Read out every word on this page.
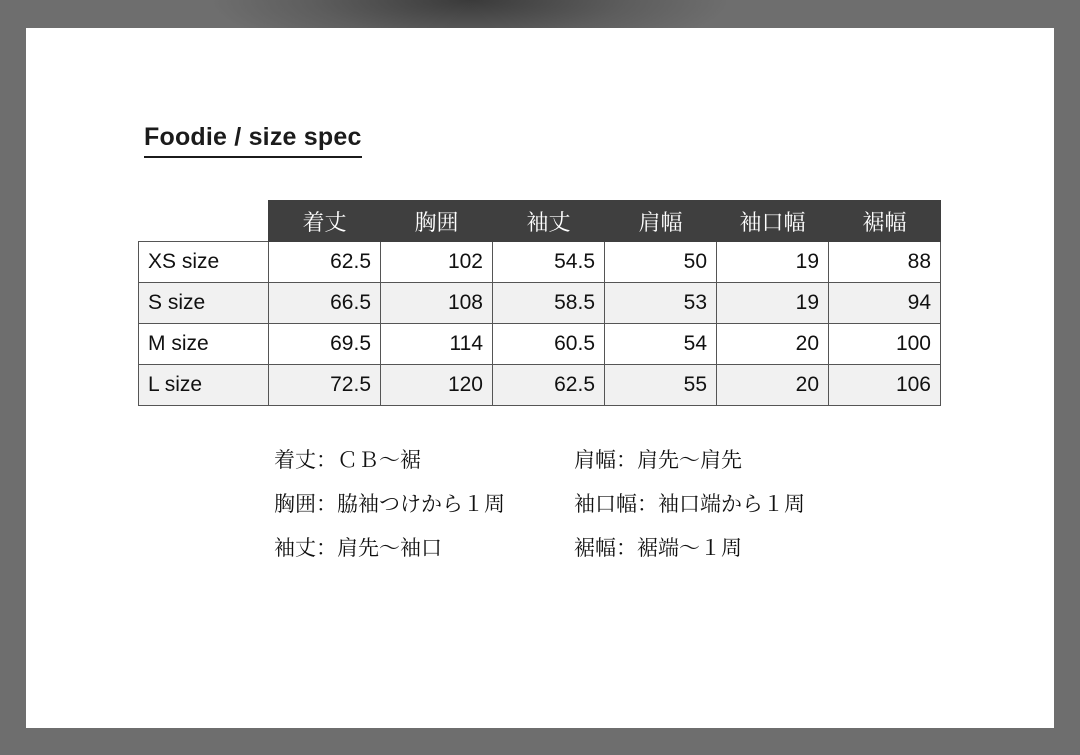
Foodie / size spec
	着丈	胸囲	袖丈	肩幅	袖口幅	裾幅
XS size	62.5	102	54.5	50	19	88
S size	66.5	108	58.5	53	19	94
M size	69.5	114	60.5	54	20	100
L size	72.5	120	62.5	55	20	106
着丈：ＣＢ〜裾	肩幅：肩先〜肩先
胸囲：脇袖つけから１周	袖口幅：袖口端から１周
袖丈：肩先〜袖口	裾幅：裾端〜１周
